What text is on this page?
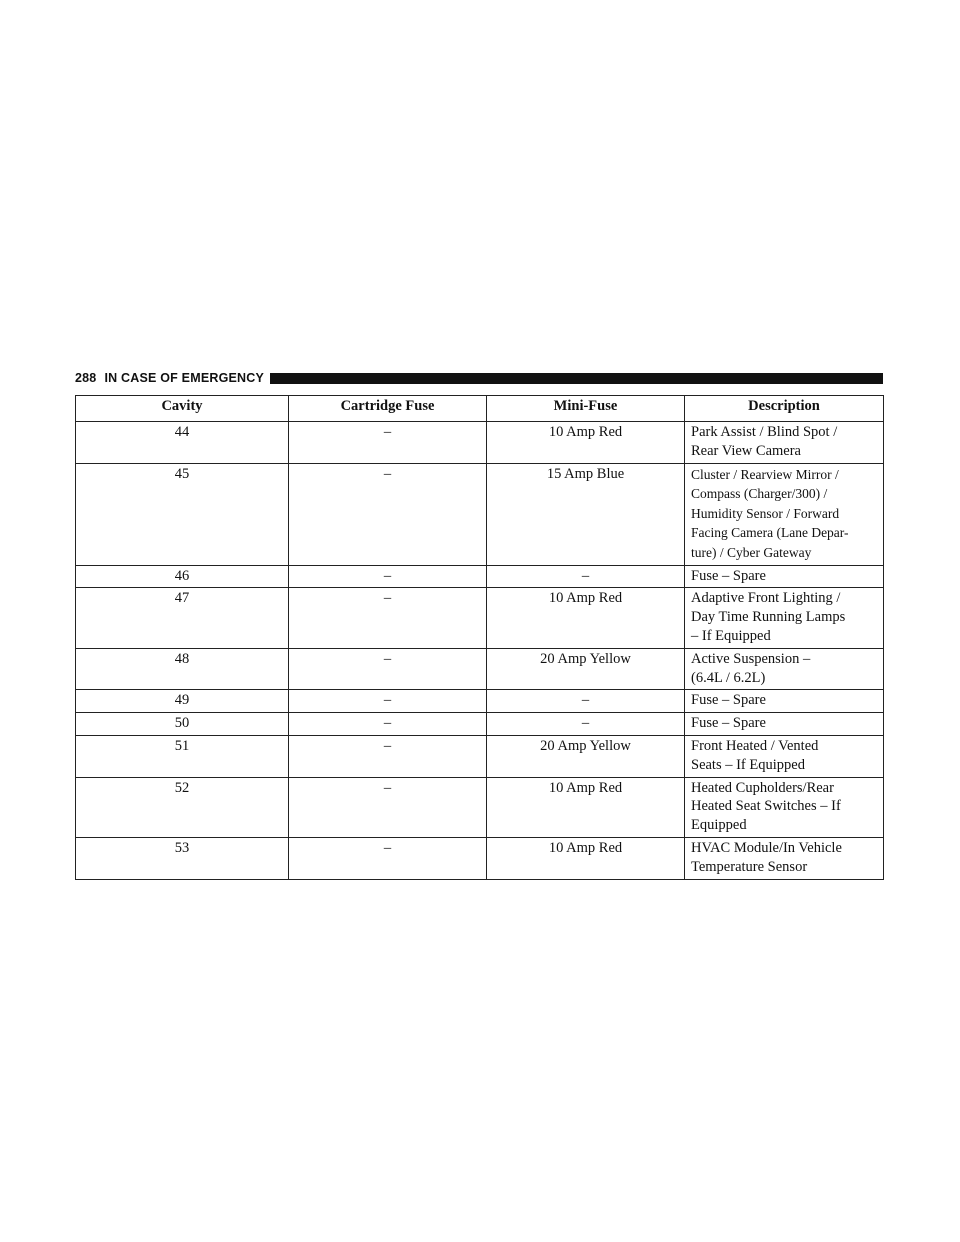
288 IN CASE OF EMERGENCY
Cavity	Cartridge Fuse	Mini-Fuse	Description
44	–	10 Amp Red	Park Assist / Blind Spot /
Rear View Camera

45	–	15 Amp Blue	Cluster / Rearview Mirror /
Compass (Charger/300) /
Humidity Sensor / Forward
Facing Camera (Lane Depar-
ture) / Cyber Gateway

46	–	–	Fuse – Spare

47	–	10 Amp Red	Adaptive Front Lighting /
Day Time Running Lamps
– If Equipped

48	–	20 Amp Yellow	Active Suspension –
(6.4L / 6.2L)

49	–	–	Fuse – Spare

50	–	–	Fuse – Spare

51	–	20 Amp Yellow	Front Heated / Vented
Seats – If Equipped

52	–	10 Amp Red	Heated Cupholders/Rear
Heated Seat Switches – If
Equipped

53	–	10 Amp Red	HVAC Module/In Vehicle
Temperature Sensor
